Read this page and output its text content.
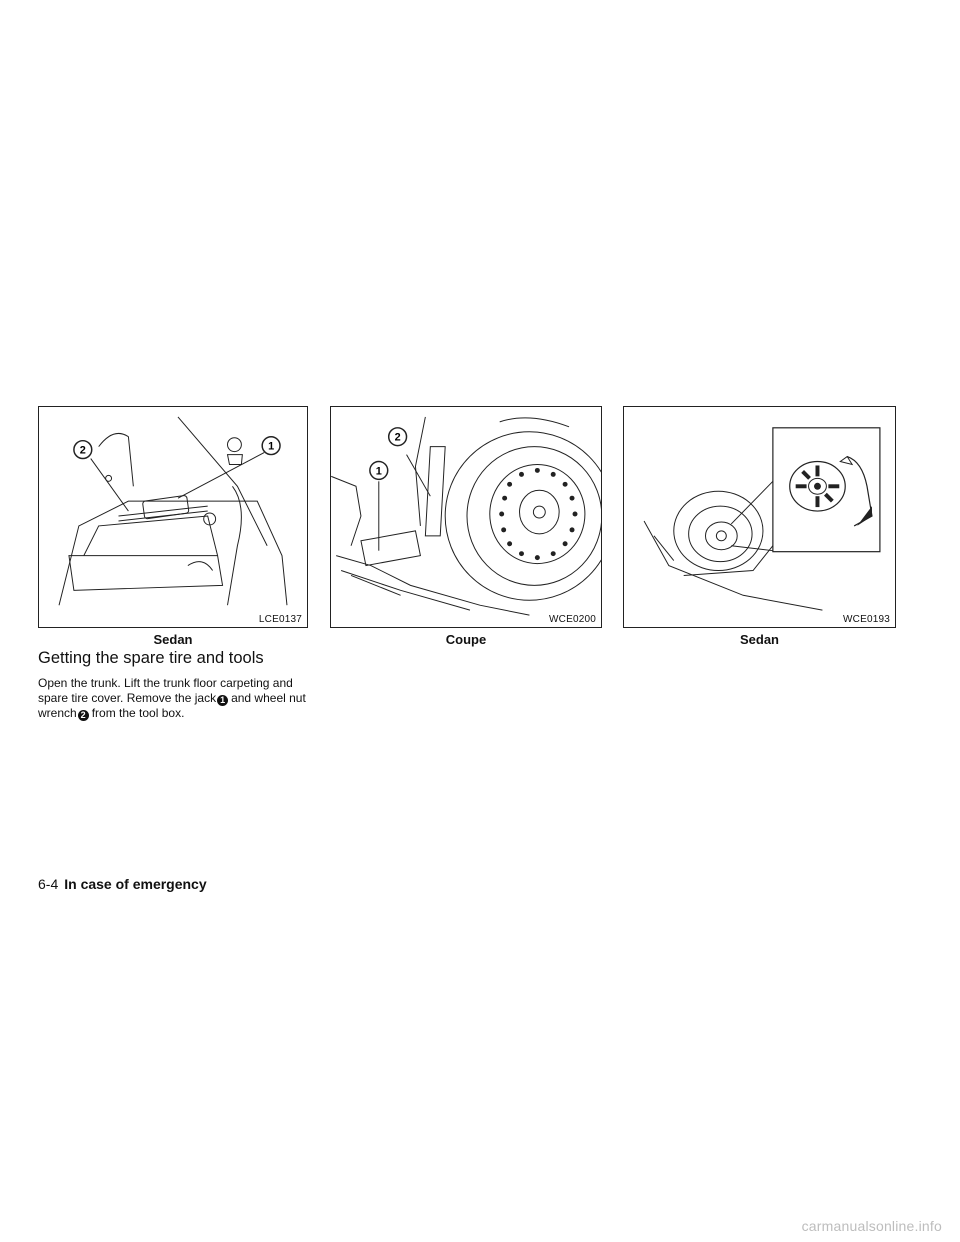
2	1
LCE0137
2
1
WCE0200	WCE0193
Sedan	Coupe	Sedan
Getting the spare tire and tools
Open the trunk. Lift the trunk floor carpeting and spare tire cover. Remove the jack 1 and wheel nut wrench 2 from the tool box.
6-4 In case of emergency
carmanualsonline.info
